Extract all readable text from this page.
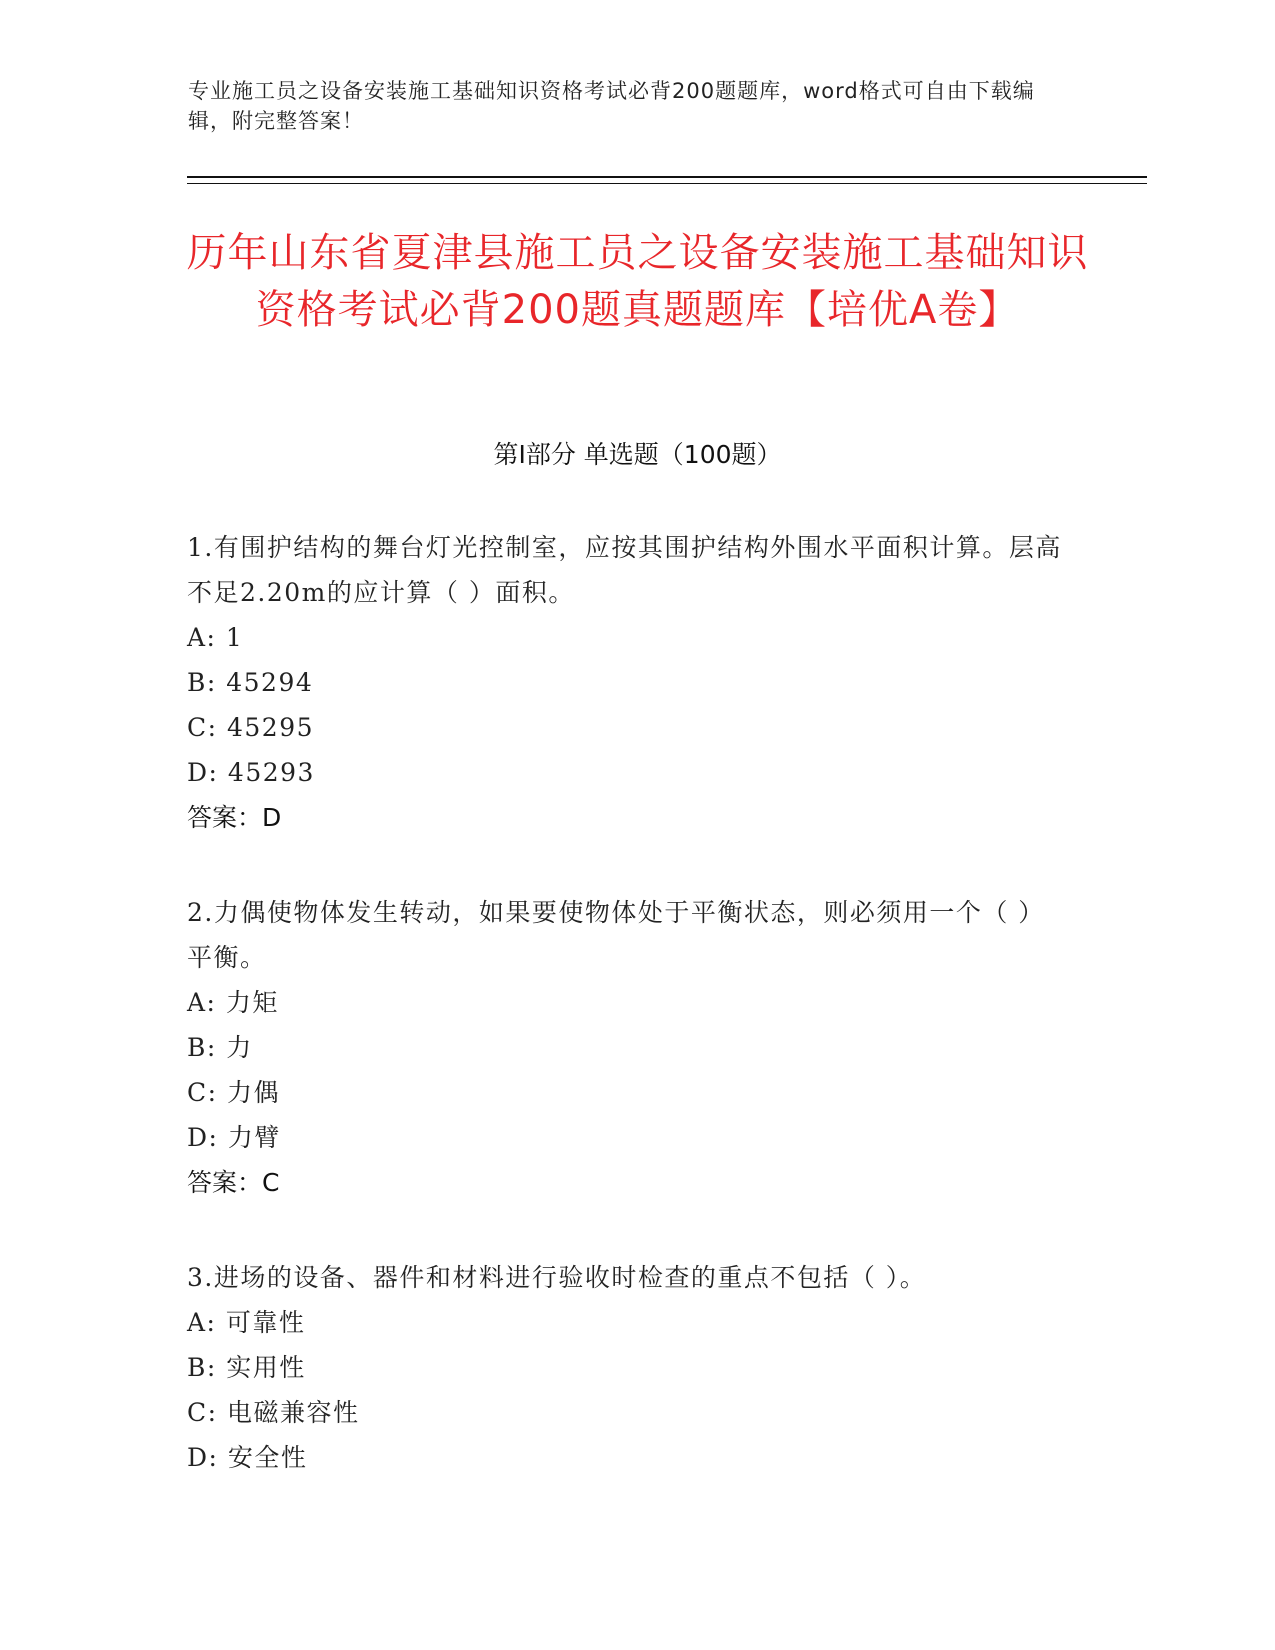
专业施工员之设备安装施工基础知识资格考试必背200题题库，word格式可自由下载编辑，附完整答案！
历年山东省夏津县施工员之设备安装施工基础知识资格考试必背200题真题题库【培优A卷】
第I部分 单选题（100题）
1.有围护结构的舞台灯光控制室，应按其围护结构外围水平面积计算。层高不足2.20m的应计算（ ）面积。
A: 1
B: 45294
C: 45295
D: 45293
答案：D
2.力偶使物体发生转动，如果要使物体处于平衡状态，则必须用一个（ ）平衡。
A: 力矩
B: 力
C: 力偶
D: 力臂
答案：C
3.进场的设备、器件和材料进行验收时检查的重点不包括（ ）。
A: 可靠性
B: 实用性
C: 电磁兼容性
D: 安全性
